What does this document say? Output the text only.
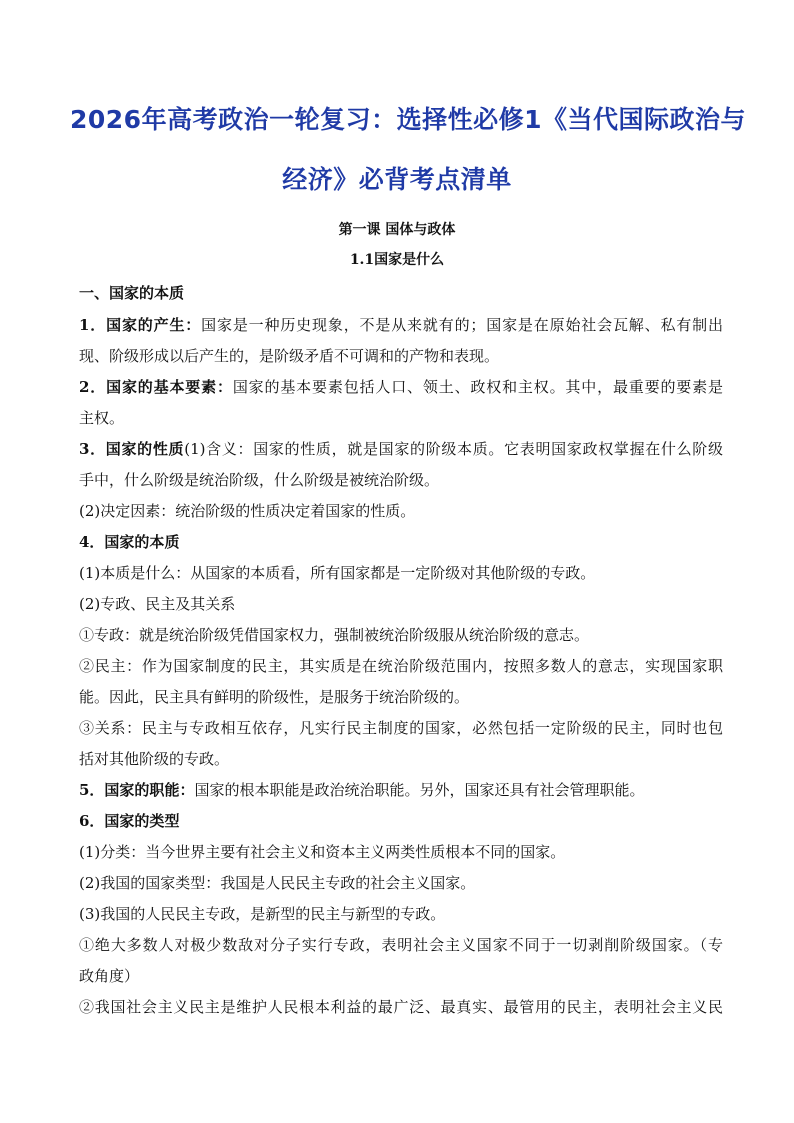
2026年高考政治一轮复习：选择性必修1《当代国际政治与
经济》必背考点清单
第一课 国体与政体
1.1国家是什么
一、国家的本质
1．国家的产生：国家是一种历史现象，不是从来就有的；国家是在原始社会瓦解、私有制出
现、阶级形成以后产生的，是阶级矛盾不可调和的产物和表现。
2．国家的基本要素：国家的基本要素包括人口、领土、政权和主权。其中，最重要的要素是
主权。
3．国家的性质(1)含义：国家的性质，就是国家的阶级本质。它表明国家政权掌握在什么阶级
手中，什么阶级是统治阶级，什么阶级是被统治阶级。
(2)决定因素：统治阶级的性质决定着国家的性质。
4．国家的本质
(1)本质是什么：从国家的本质看，所有国家都是一定阶级对其他阶级的专政。
(2)专政、民主及其关系
①专政：就是统治阶级凭借国家权力，强制被统治阶级服从统治阶级的意志。
②民主：作为国家制度的民主，其实质是在统治阶级范围内，按照多数人的意志，实现国家职
能。因此，民主具有鲜明的阶级性，是服务于统治阶级的。
③关系：民主与专政相互依存，凡实行民主制度的国家，必然包括一定阶级的民主，同时也包
括对其他阶级的专政。
5．国家的职能：国家的根本职能是政治统治职能。另外，国家还具有社会管理职能。
6．国家的类型
(1)分类：当今世界主要有社会主义和资本主义两类性质根本不同的国家。
(2)我国的国家类型：我国是人民民主专政的社会主义国家。
(3)我国的人民民主专政，是新型的民主与新型的专政。
①绝大多数人对极少数敌对分子实行专政，表明社会主义国家不同于一切剥削阶级国家。（专
政角度）
②我国社会主义民主是维护人民根本利益的最广泛、最真实、最管用的民主，表明社会主义民
